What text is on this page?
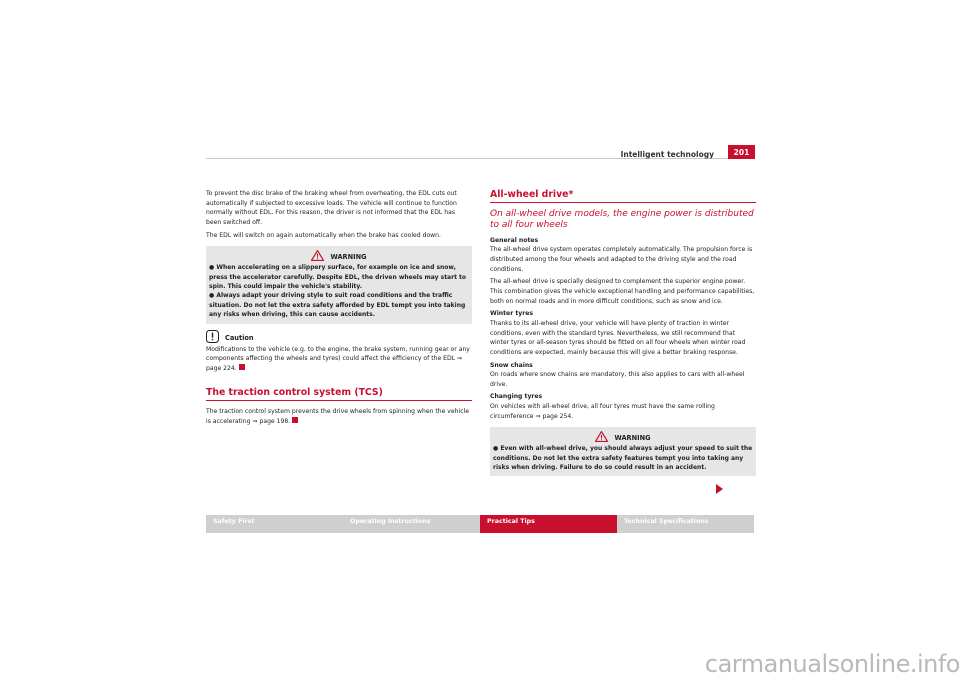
Intelligent technology	201

To prevent the disc brake of the braking wheel from overheating, the EDL cuts out automatically if subjected to excessive loads. The vehicle will continue to function normally without EDL. For this reason, the driver is not informed that the EDL has been switched off.

The EDL will switch on again automatically when the brake has cooled down.

WARNING

● When accelerating on a slippery surface, for example on ice and snow, press the accelerator carefully. Despite EDL, the driven wheels may start to spin. This could impair the vehicle's stability.

● Always adapt your driving style to suit road conditions and the traffic situation. Do not let the extra safety afforded by EDL tempt you into taking any risks when driving, this can cause accidents.

Caution

Modifications to the vehicle (e.g. to the engine, the brake system, running gear or any components affecting the wheels and tyres) could affect the efficiency of the EDL ⇒ page 224.

The traction control system (TCS)

The traction control system prevents the drive wheels from spinning when the vehicle is accelerating ⇒ page 198.

All-wheel drive*
On all-wheel drive models, the engine power is distributed to all four wheels

General notes

The all-wheel drive system operates completely automatically. The propulsion force is distributed among the four wheels and adapted to the driving style and the road conditions.

The all-wheel drive is specially designed to complement the superior engine power. This combination gives the vehicle exceptional handling and performance capabilities, both on normal roads and in more difficult conditions, such as snow and ice.

Winter tyres

Thanks to its all-wheel drive, your vehicle will have plenty of traction in winter conditions, even with the standard tyres. Nevertheless, we still recommend that winter tyres or all-season tyres should be fitted on all four wheels when winter road conditions are expected, mainly because this will give a better braking response.

Snow chains

On roads where snow chains are mandatory, this also applies to cars with all-wheel drive.

Changing tyres

On vehicles with all-wheel drive, all four tyres must have the same rolling circumference ⇒ page 254.

WARNING

● Even with all-wheel drive, you should always adjust your speed to suit the conditions. Do not let the extra safety features tempt you into taking any risks when driving. Failure to do so could result in an accident.

Safety First	Operating Instructions	Practical Tips	Technical Specifications
carmanualsonline.info
